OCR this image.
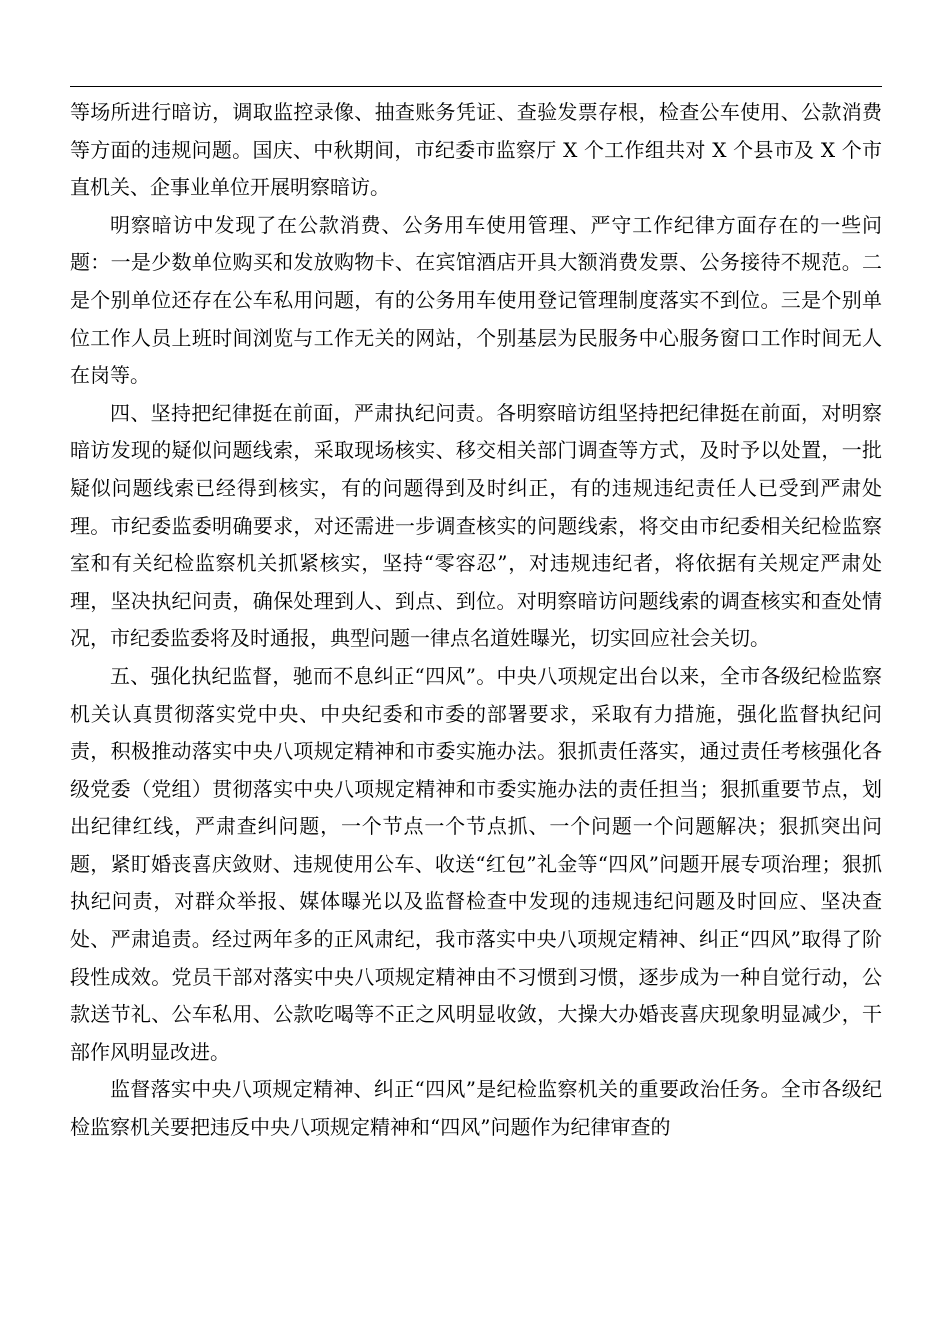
等场所进行暗访，调取监控录像、抽查账务凭证、查验发票存根，检查公车使用、公款消费等方面的违规问题。国庆、中秋期间，市纪委市监察厅 X 个工作组共对 X 个县市及 X 个市直机关、企事业单位开展明察暗访。

明察暗访中发现了在公款消费、公务用车使用管理、严守工作纪律方面存在的一些问题：一是少数单位购买和发放购物卡、在宾馆酒店开具大额消费发票、公务接待不规范。二是个别单位还存在公车私用问题，有的公务用车使用登记管理制度落实不到位。三是个别单位工作人员上班时间浏览与工作无关的网站，个别基层为民服务中心服务窗口工作时间无人在岗等。

四、坚持把纪律挺在前面，严肃执纪问责。各明察暗访组坚持把纪律挺在前面，对明察暗访发现的疑似问题线索，采取现场核实、移交相关部门调查等方式，及时予以处置，一批疑似问题线索已经得到核实，有的问题得到及时纠正，有的违规违纪责任人已受到严肃处理。市纪委监委明确要求，对还需进一步调查核实的问题线索，将交由市纪委相关纪检监察室和有关纪检监察机关抓紧核实，坚持“零容忍”，对违规违纪者，将依据有关规定严肃处理，坚决执纪问责，确保处理到人、到点、到位。对明察暗访问题线索的调查核实和查处情况，市纪委监委将及时通报，典型问题一律点名道姓曝光，切实回应社会关切。

五、强化执纪监督，驰而不息纠正“四风”。中央八项规定出台以来，全市各级纪检监察机关认真贯彻落实党中央、中央纪委和市委的部署要求，采取有力措施，强化监督执纪问责，积极推动落实中央八项规定精神和市委实施办法。狠抓责任落实，通过责任考核强化各级党委（党组）贯彻落实中央八项规定精神和市委实施办法的责任担当；狠抓重要节点，划出纪律红线，严肃查纠问题，一个节点一个节点抓、一个问题一个问题解决；狠抓突出问题，紧盯婚丧喜庆敛财、违规使用公车、收送“红包”礼金等“四风”问题开展专项治理；狠抓执纪问责，对群众举报、媒体曝光以及监督检查中发现的违规违纪问题及时回应、坚决查处、严肃追责。经过两年多的正风肃纪，我市落实中央八项规定精神、纠正“四风”取得了阶段性成效。党员干部对落实中央八项规定精神由不习惯到习惯，逐步成为一种自觉行动，公款送节礼、公车私用、公款吃喝等不正之风明显收敛，大操大办婚丧喜庆现象明显减少，干部作风明显改进。

监督落实中央八项规定精神、纠正“四风”是纪检监察机关的重要政治任务。全市各级纪检监察机关要把违反中央八项规定精神和“四风”问题作为纪律审查的
